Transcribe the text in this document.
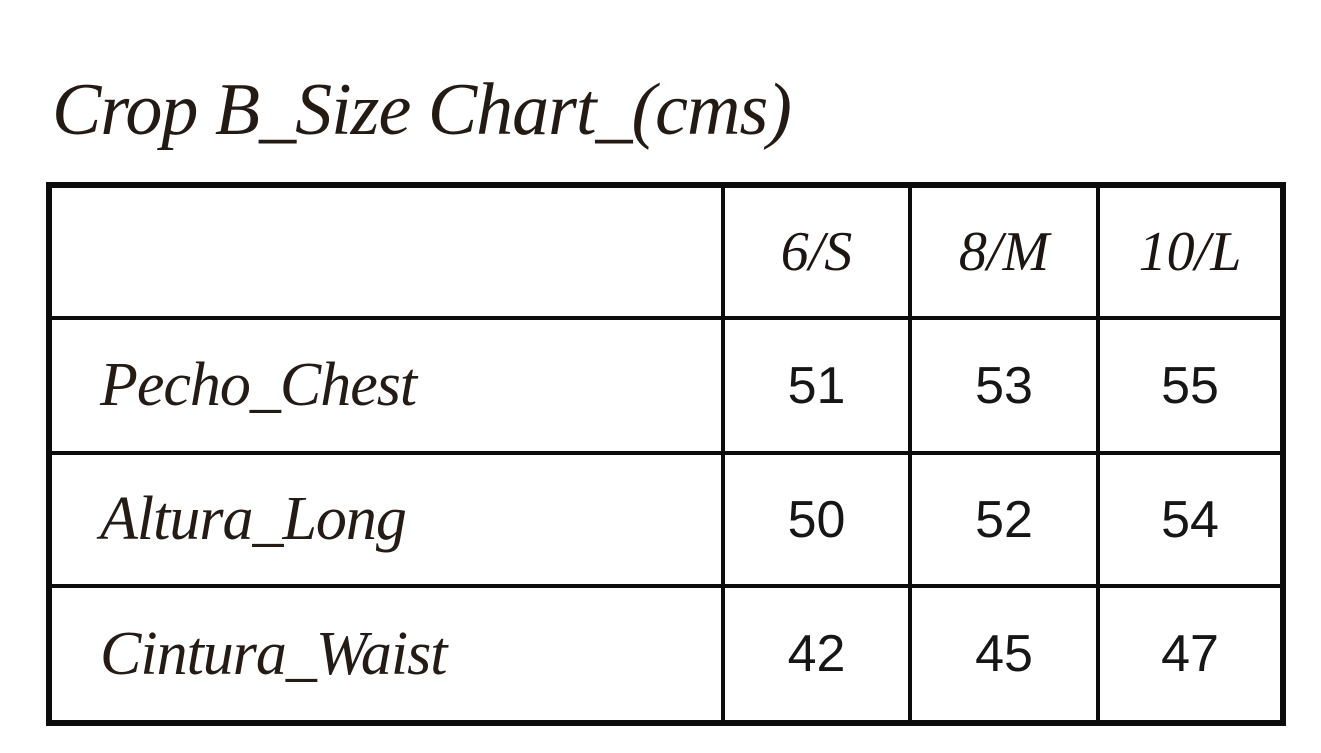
Crop B_Size Chart_(cms)
	6/S	8/M	10/L
Pecho_Chest	51	53	55
Altura_Long	50	52	54
Cintura_Waist	42	45	47
